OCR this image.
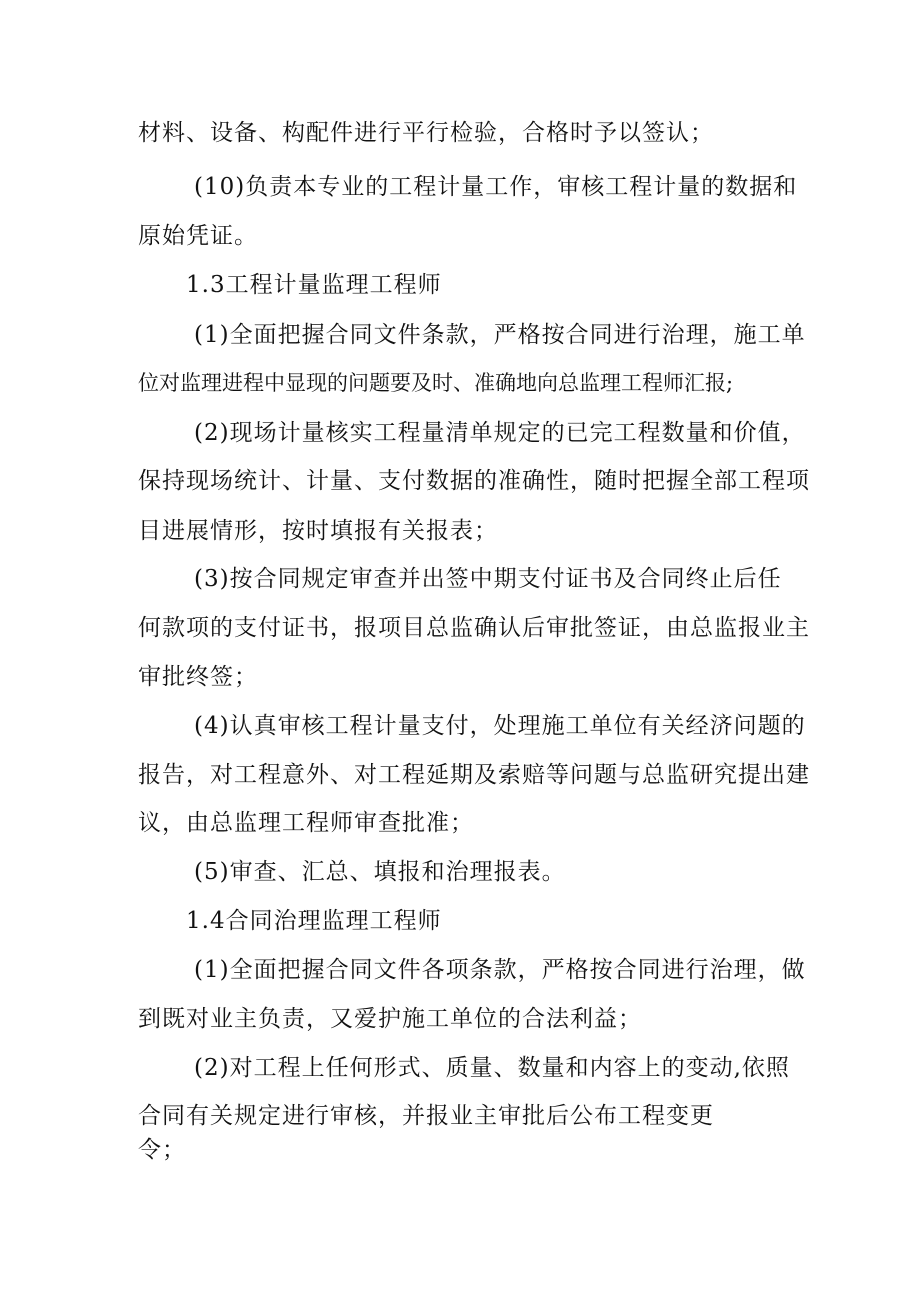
材料、设备、构配件进行平行检验，合格时予以签认；
(10)负责本专业的工程计量工作，审核工程计量的数据和
原始凭证。
1.3工程计量监理工程师
(1)全面把握合同文件条款，严格按合同进行治理，施工单
位对监理进程中显现的问题要及时、准确地向总监理工程师汇报;
(2)现场计量核实工程量清单规定的已完工程数量和价值，
保持现场统计、计量、支付数据的准确性，随时把握全部工程项
目进展情形，按时填报有关报表；
(3)按合同规定审查并出签中期支付证书及合同终止后任
何款项的支付证书，报项目总监确认后审批签证，由总监报业主
审批终签；
(4)认真审核工程计量支付，处理施工单位有关经济问题的
报告，对工程意外、对工程延期及索赔等问题与总监研究提出建
议，由总监理工程师审查批准；
(5)审查、汇总、填报和治理报表。
1.4合同治理监理工程师
(1)全面把握合同文件各项条款，严格按合同进行治理，做
到既对业主负责，又爱护施工单位的合法利益；
(2)对工程上任何形式、质量、数量和内容上的变动,依照
合同有关规定进行审核，并报业主审批后公布工程变更
令；
